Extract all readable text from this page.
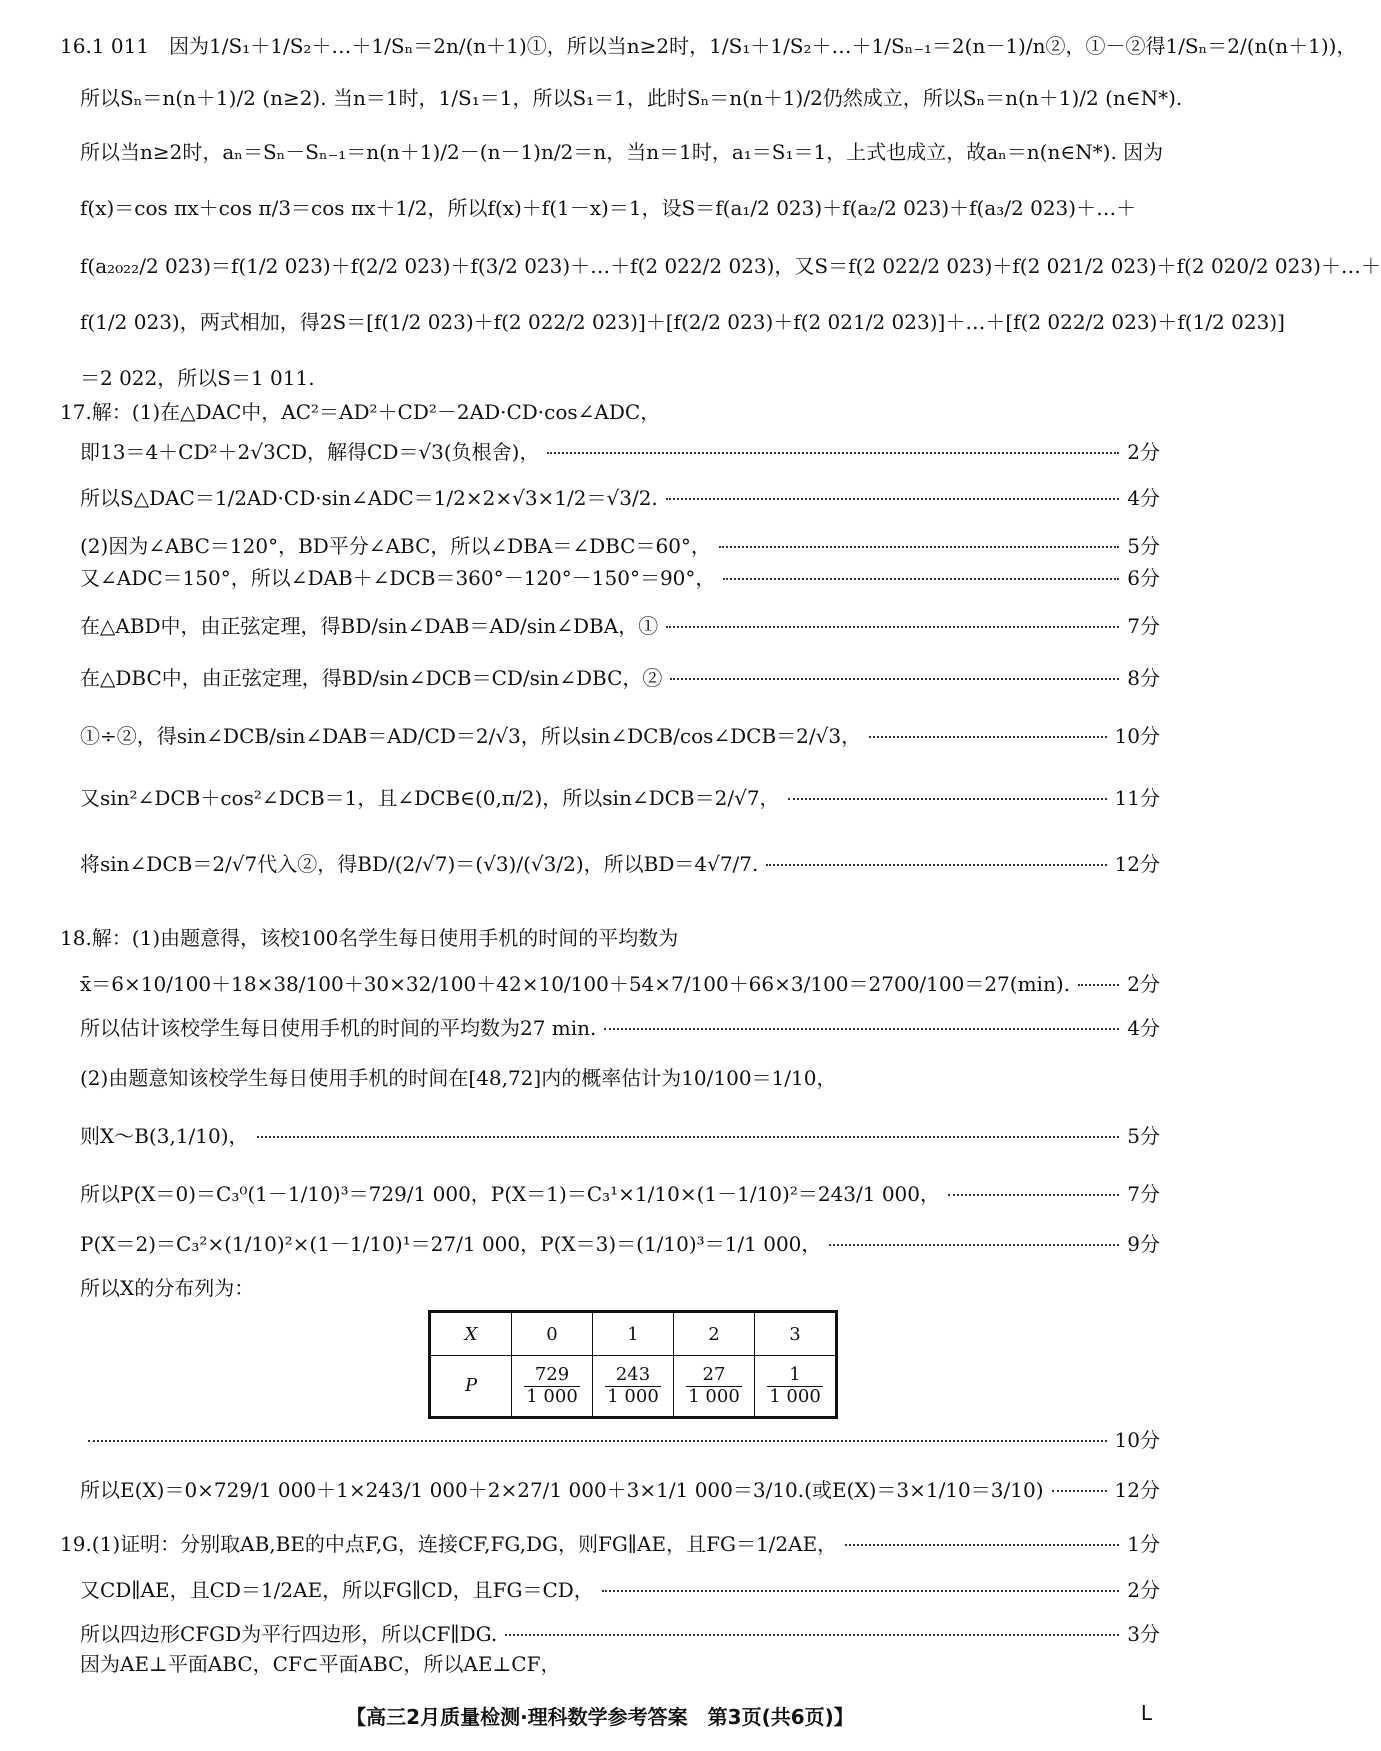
16.1 011　因为1/S₁＋1/S₂＋…＋1/Sₙ＝2n/(n＋1)①，所以当n≥2时，1/S₁＋1/S₂＋…＋1/Sₙ₋₁＝2(n－1)/n②，①－②得1/Sₙ＝2/(n(n＋1))，
所以Sₙ＝n(n＋1)/2 (n≥2). 当n＝1时，1/S₁＝1，所以S₁＝1，此时Sₙ＝n(n＋1)/2仍然成立，所以Sₙ＝n(n＋1)/2 (n∈N*).
所以当n≥2时，aₙ＝Sₙ－Sₙ₋₁＝n(n＋1)/2－(n－1)n/2＝n，当n＝1时，a₁＝S₁＝1，上式也成立，故aₙ＝n(n∈N*). 因为
f(x)＝cos πx＋cos π/3＝cos πx＋1/2，所以f(x)＋f(1－x)＝1，设S＝f(a₁/2 023)＋f(a₂/2 023)＋f(a₃/2 023)＋…＋
f(a₂₀₂₂/2 023)＝f(1/2 023)＋f(2/2 023)＋f(3/2 023)＋…＋f(2 022/2 023)，又S＝f(2 022/2 023)＋f(2 021/2 023)＋f(2 020/2 023)＋…＋
f(1/2 023)，两式相加，得2S＝[f(1/2 023)＋f(2 022/2 023)]＋[f(2/2 023)＋f(2 021/2 023)]＋…＋[f(2 022/2 023)＋f(1/2 023)]
＝2 022，所以S＝1 011.
17.解：(1)在△DAC中，AC²＝AD²＋CD²－2AD·CD·cos∠ADC，
即13＝4＋CD²＋2√3CD，解得CD＝√3(负根舍)，	2分
所以S△DAC＝1/2AD·CD·sin∠ADC＝1/2×2×√3×1/2＝√3/2.	4分
(2)因为∠ABC＝120°，BD平分∠ABC，所以∠DBA＝∠DBC＝60°，	5分
又∠ADC＝150°，所以∠DAB＋∠DCB＝360°－120°－150°＝90°，	6分
在△ABD中，由正弦定理，得BD/sin∠DAB＝AD/sin∠DBA，①	7分
在△DBC中，由正弦定理，得BD/sin∠DCB＝CD/sin∠DBC，②	8分
①÷②，得sin∠DCB/sin∠DAB＝AD/CD＝2/√3，所以sin∠DCB/cos∠DCB＝2/√3，	10分
又sin²∠DCB＋cos²∠DCB＝1，且∠DCB∈(0,π/2)，所以sin∠DCB＝2/√7，	11分
将sin∠DCB＝2/√7代入②，得BD/(2/√7)＝(√3)/(√3/2)，所以BD＝4√7/7.	12分
18.解：(1)由题意得，该校100名学生每日使用手机的时间的平均数为
x̄＝6×10/100＋18×38/100＋30×32/100＋42×10/100＋54×7/100＋66×3/100＝2700/100＝27(min).	2分
所以估计该校学生每日使用手机的时间的平均数为27 min.	4分
(2)由题意知该校学生每日使用手机的时间在[48,72]内的概率估计为10/100＝1/10，
则X～B(3,1/10)，	5分
所以P(X＝0)＝C₃⁰(1－1/10)³＝729/1 000，P(X＝1)＝C₃¹×1/10×(1－1/10)²＝243/1 000，	7分
P(X＝2)＝C₃²×(1/10)²×(1－1/10)¹＝27/1 000，P(X＝3)＝(1/10)³＝1/1 000，	9分
所以X的分布列为：
X	0	1	2	3
P	$\frac{729}{1 000}$	$\frac{243}{1 000}$	$\frac{27}{1 000}$	$\frac{1}{1 000}$
10分
所以E(X)＝0×729/1 000＋1×243/1 000＋2×27/1 000＋3×1/1 000＝3/10.(或E(X)＝3×1/10＝3/10)	12分
19.(1)证明：分别取AB,BE的中点F,G，连接CF,FG,DG，则FG∥AE，且FG＝1/2AE，	1分
又CD∥AE，且CD＝1/2AE，所以FG∥CD，且FG＝CD，	2分
所以四边形CFGD为平行四边形，所以CF∥DG.	3分
因为AE⊥平面ABC，CF⊂平面ABC，所以AE⊥CF，
【高三2月质量检测·理科数学参考答案　第3页(共6页)】	L
